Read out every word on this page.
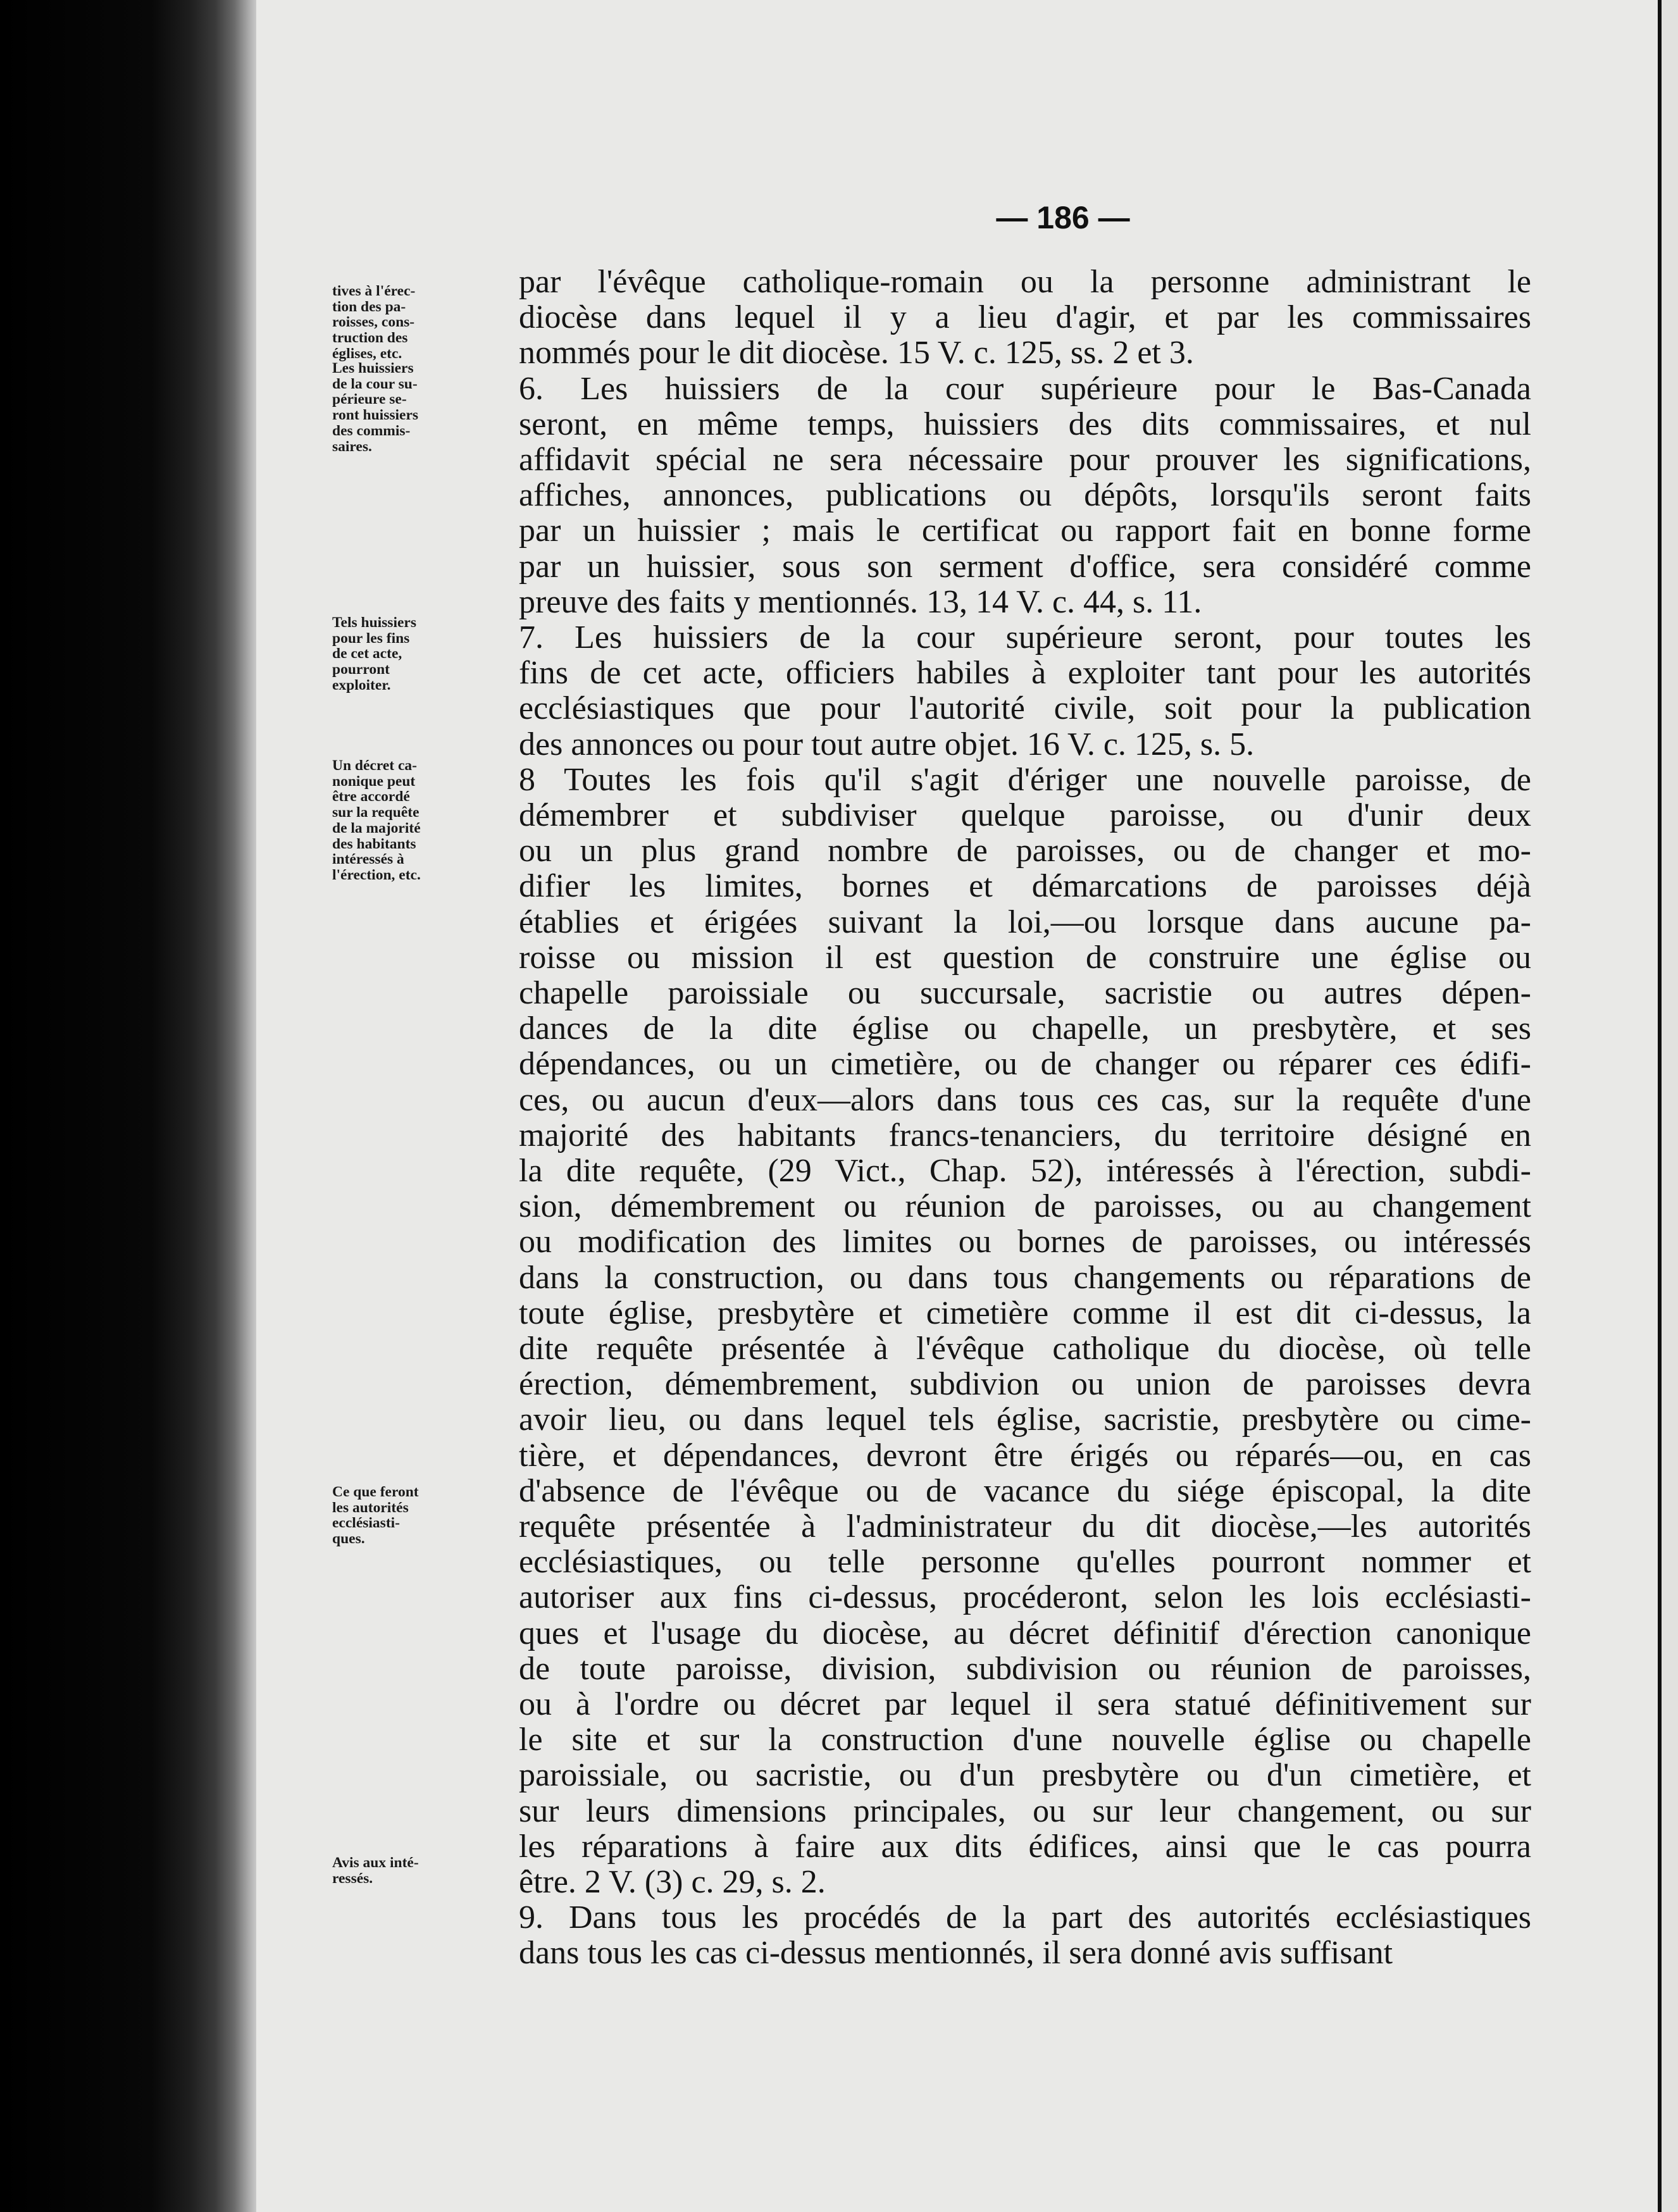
— 186 —
tives à l'érec-
tion des pa-
roisses, cons-
truction des
églises, etc.
Les huissiers
de la cour su-
périeure se-
ront huissiers
des commis-
saires.
Tels huissiers
pour les fins
de cet acte,
pourront
exploiter.
Un décret ca-
nonique peut
être accordé
sur la requête
de la majorité
des habitants
intéressés à
l'érection, etc.
Ce que feront
les autorités
ecclésiasti-
ques.
Avis aux inté-
ressés.
par l'évêque catholique-romain ou la personne administrant le
diocèse dans lequel il y a lieu d'agir, et par les commissaires
nommés pour le dit diocèse. 15 V. c. 125, ss. 2 et 3.
6. Les huissiers de la cour supérieure pour le Bas-Canada
seront, en même temps, huissiers des dits commissaires, et nul
affidavit spécial ne sera nécessaire pour prouver les significations,
affiches, annonces, publications ou dépôts, lorsqu'ils seront faits
par un huissier ; mais le certificat ou rapport fait en bonne forme
par un huissier, sous son serment d'office, sera considéré comme
preuve des faits y mentionnés. 13, 14 V. c. 44, s. 11.
7. Les huissiers de la cour supérieure seront, pour toutes les
fins de cet acte, officiers habiles à exploiter tant pour les autorités
ecclésiastiques que pour l'autorité civile, soit pour la publication
des annonces ou pour tout autre objet. 16 V. c. 125, s. 5.
8 Toutes les fois qu'il s'agit d'ériger une nouvelle paroisse, de
démembrer et subdiviser quelque paroisse, ou d'unir deux
ou un plus grand nombre de paroisses, ou de changer et mo-
difier les limites, bornes et démarcations de paroisses déjà
établies et érigées suivant la loi,—ou lorsque dans aucune pa-
roisse ou mission il est question de construire une église ou
chapelle paroissiale ou succursale, sacristie ou autres dépen-
dances de la dite église ou chapelle, un presbytère, et ses
dépendances, ou un cimetière, ou de changer ou réparer ces édifi-
ces, ou aucun d'eux—alors dans tous ces cas, sur la requête d'une
majorité des habitants francs-tenanciers, du territoire désigné en
la dite requête, (29 Vict., Chap. 52), intéressés à l'érection, subdi-
sion, démembrement ou réunion de paroisses, ou au changement
ou modification des limites ou bornes de paroisses, ou intéressés
dans la construction, ou dans tous changements ou réparations de
toute église, presbytère et cimetière comme il est dit ci-dessus, la
dite requête présentée à l'évêque catholique du diocèse, où telle
érection, démembrement, subdivion ou union de paroisses devra
avoir lieu, ou dans lequel tels église, sacristie, presbytère ou cime-
tière, et dépendances, devront être érigés ou réparés—ou, en cas
d'absence de l'évêque ou de vacance du siége épiscopal, la dite
requête présentée à l'administrateur du dit diocèse,—les autorités
ecclésiastiques, ou telle personne qu'elles pourront nommer et
autoriser aux fins ci-dessus, procéderont, selon les lois ecclésiasti-
ques et l'usage du diocèse, au décret définitif d'érection canonique
de toute paroisse, division, subdivision ou réunion de paroisses,
ou à l'ordre ou décret par lequel il sera statué définitivement sur
le site et sur la construction d'une nouvelle église ou chapelle
paroissiale, ou sacristie, ou d'un presbytère ou d'un cimetière, et
sur leurs dimensions principales, ou sur leur changement, ou sur
les réparations à faire aux dits édifices, ainsi que le cas pourra
être. 2 V. (3) c. 29, s. 2.
9. Dans tous les procédés de la part des autorités ecclésiastiques
dans tous les cas ci-dessus mentionnés, il sera donné avis suffisant
